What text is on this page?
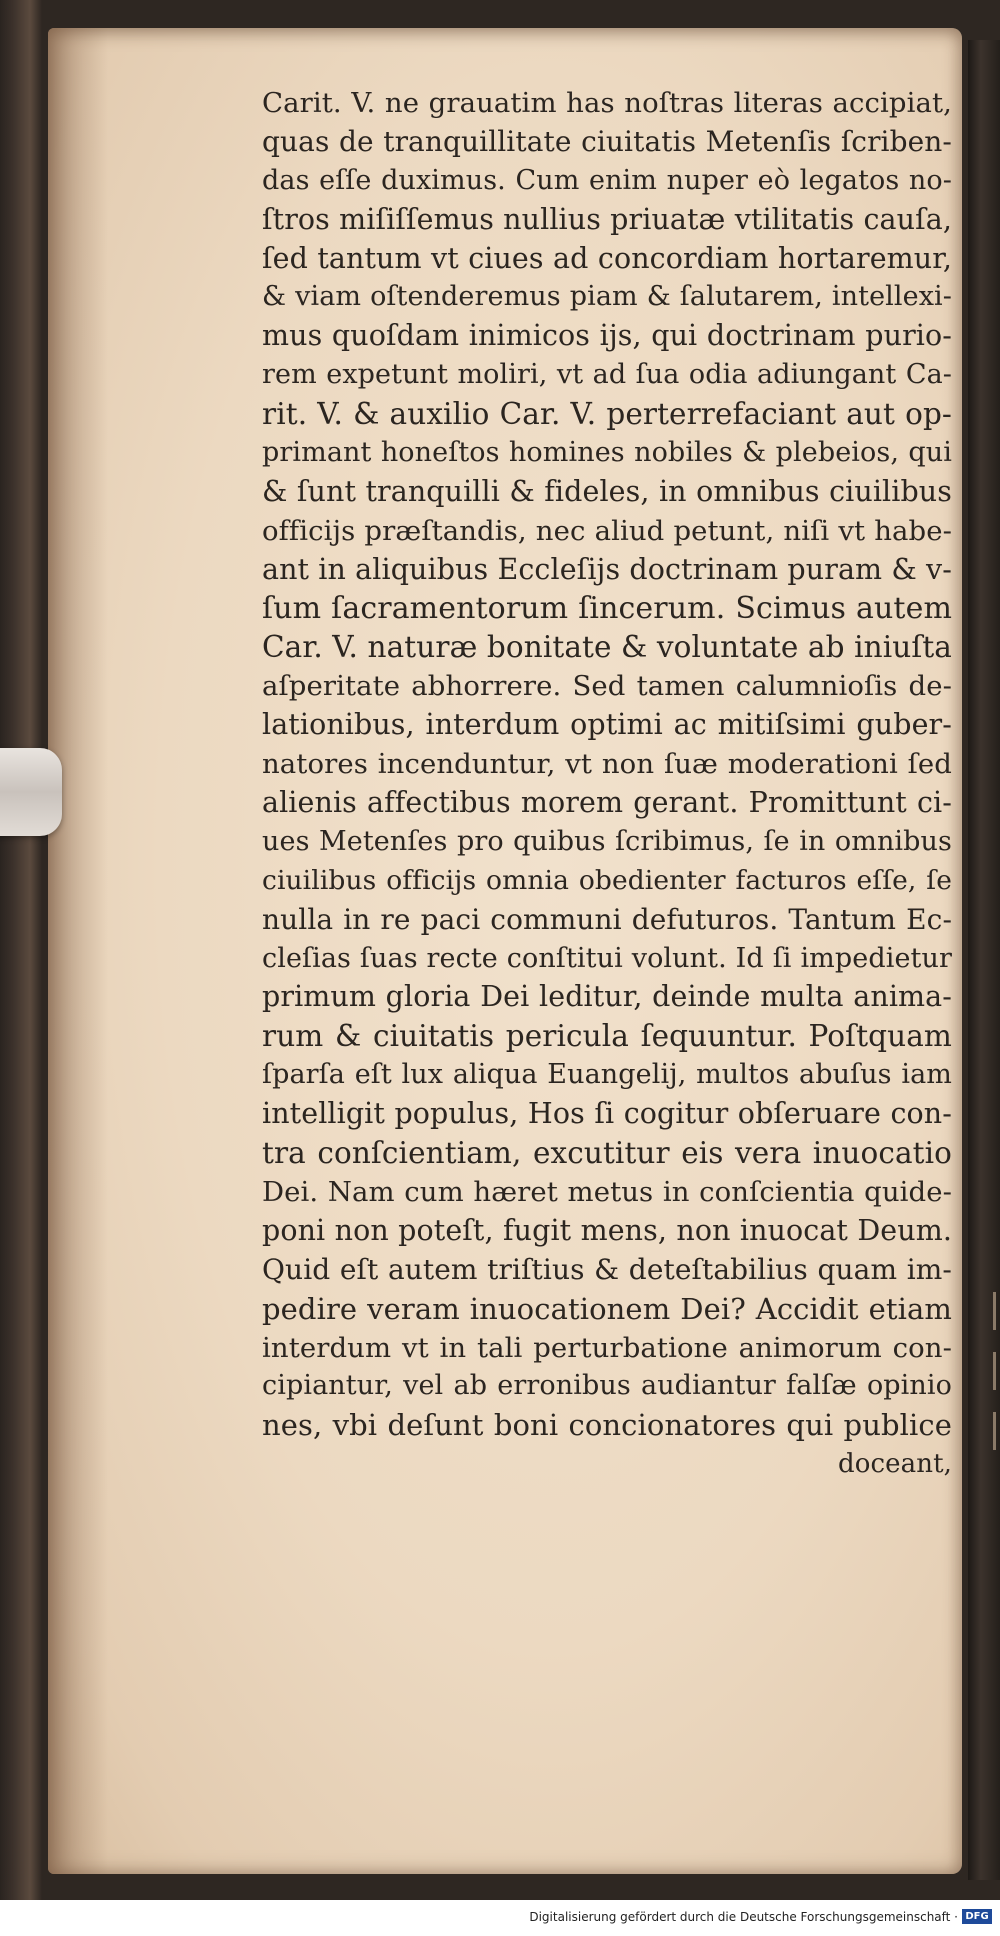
Carit. V. ne grauatim has noſtras literas accipiat,
quas de tranquillitate ciuitatis Metenſis ſcriben-
das eſſe duximus. Cum enim nuper eò legatos no-
ſtros miſiſſemus nullius priuatæ vtilitatis cauſa,
ſed tantum vt ciues ad concordiam hortaremur,
& viam oſtenderemus piam & ſalutarem, intellexi-
mus quoſdam inimicos ijs, qui doctrinam purio-
rem expetunt moliri, vt ad ſua odia adiungant Ca-
rit. V. & auxilio Car. V. perterrefaciant aut op-
primant honeſtos homines nobiles & plebeios, qui
& ſunt tranquilli & fideles, in omnibus ciuilibus
officijs præſtandis, nec aliud petunt, niſi vt habe-
ant in aliquibus Eccleſijs doctrinam puram & v-
ſum ſacramentorum ſincerum. Scimus autem
Car. V. naturæ bonitate & voluntate ab iniuſta
aſperitate abhorrere. Sed tamen calumnioſis de-
lationibus, interdum optimi ac mitiſsimi guber-
natores incenduntur, vt non ſuæ moderationi ſed
alienis affectibus morem gerant. Promittunt ci-
ues Metenſes pro quibus ſcribimus, ſe in omnibus
ciuilibus officijs omnia obedienter facturos eſſe, ſe
nulla in re paci communi defuturos. Tantum Ec-
cleſias ſuas recte conſtitui volunt. Id ſi impedietur
primum gloria Dei leditur, deinde multa anima-
rum & ciuitatis pericula ſequuntur. Poſtquam
ſparſa eſt lux aliqua Euangelij, multos abuſus iam
intelligit populus, Hos ſi cogitur obſeruare con-
tra conſcientiam, excutitur eis vera inuocatio
Dei. Nam cum hæret metus in conſcientia quide-
poni non poteſt, fugit mens, non inuocat Deum.
Quid eſt autem triſtius & deteſtabilius quam im-
pedire veram inuocationem Dei? Accidit etiam
interdum vt in tali perturbatione animorum con-
cipiantur, vel ab erronibus audiantur falſæ opinio
nes, vbi deſunt boni concionatores qui publice
doceant,
Digitalisierung gefördert durch die Deutsche Forschungsgemeinschaft · DFG
